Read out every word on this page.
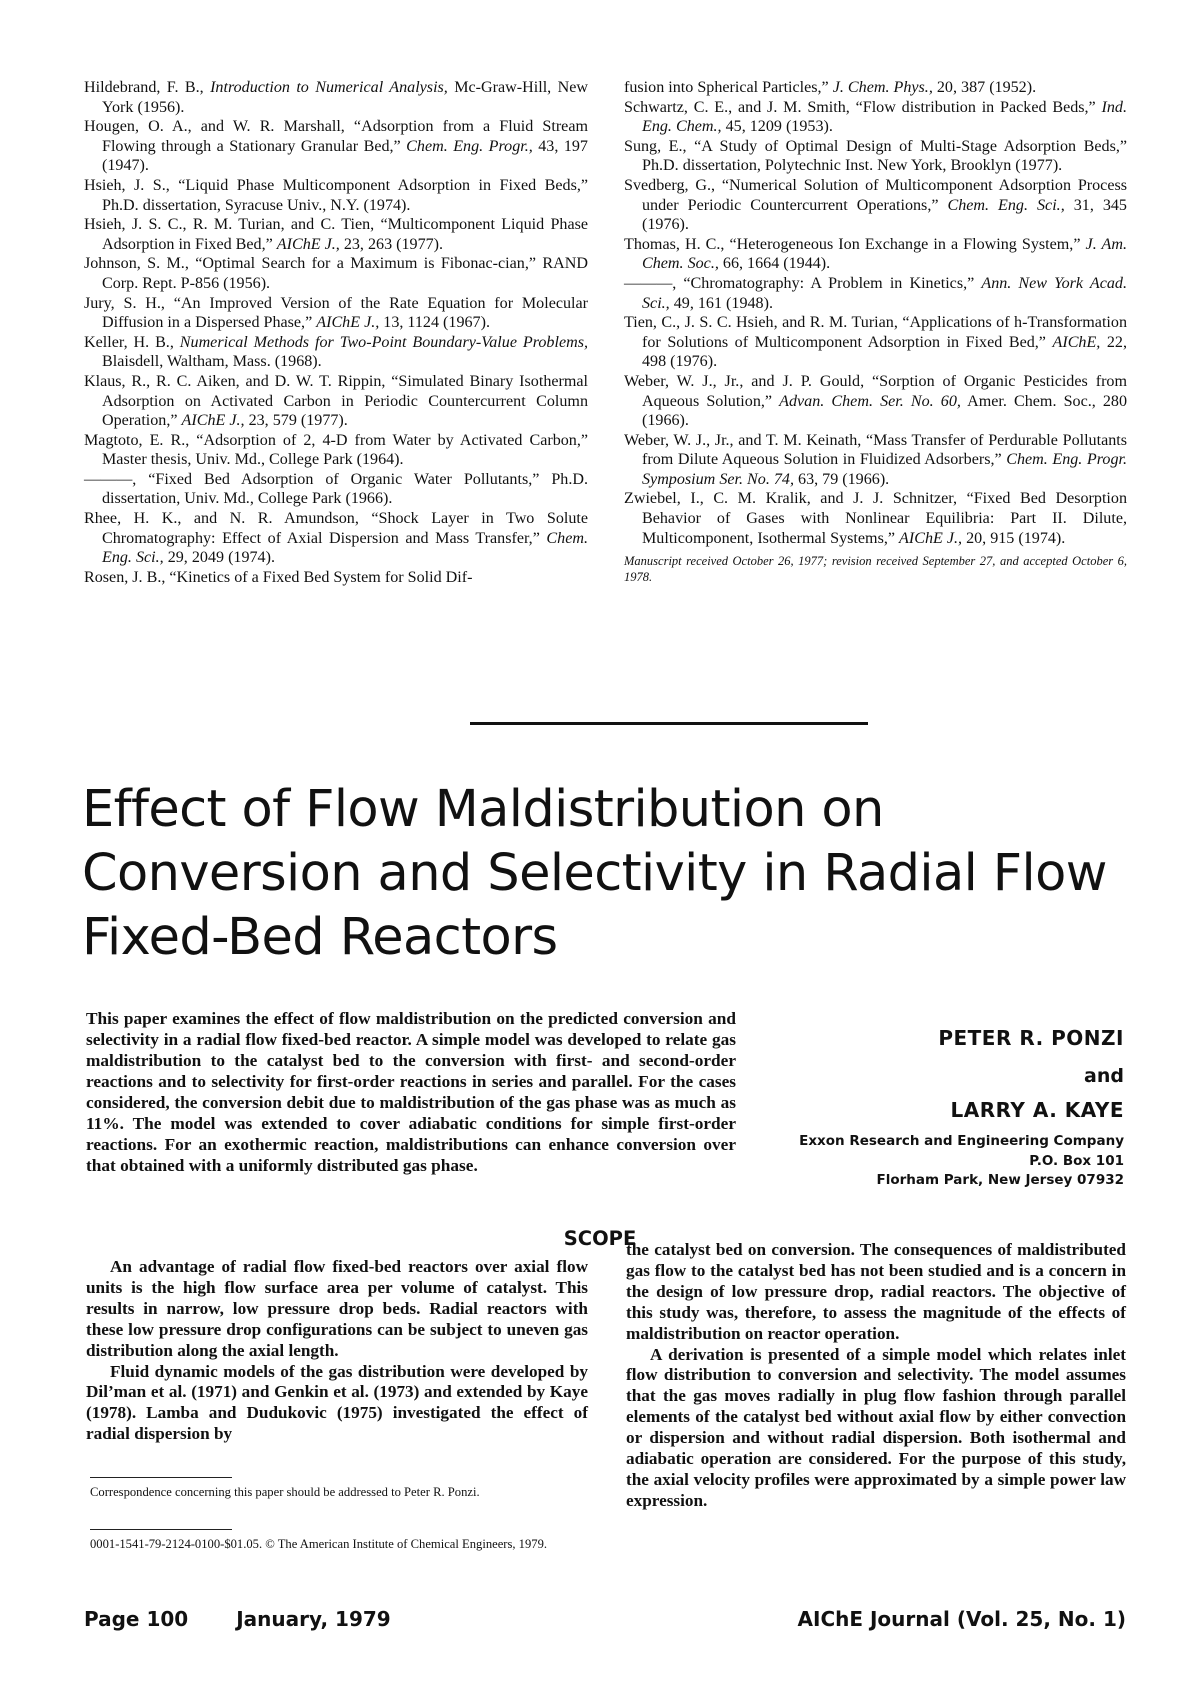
Hildebrand, F. B., Introduction to Numerical Analysis, Mc-Graw-Hill, New York (1956).

Hougen, O. A., and W. R. Marshall, “Adsorption from a Fluid Stream Flowing through a Stationary Granular Bed,” Chem. Eng. Progr., 43, 197 (1947).

Hsieh, J. S., “Liquid Phase Multicomponent Adsorption in Fixed Beds,” Ph.D. dissertation, Syracuse Univ., N.Y. (1974).

Hsieh, J. S. C., R. M. Turian, and C. Tien, “Multicomponent Liquid Phase Adsorption in Fixed Bed,” AIChE J., 23, 263 (1977).

Johnson, S. M., “Optimal Search for a Maximum is Fibonac-cian,” RAND Corp. Rept. P-856 (1956).

Jury, S. H., “An Improved Version of the Rate Equation for Molecular Diffusion in a Dispersed Phase,” AIChE J., 13, 1124 (1967).

Keller, H. B., Numerical Methods for Two-Point Boundary-Value Problems, Blaisdell, Waltham, Mass. (1968).

Klaus, R., R. C. Aiken, and D. W. T. Rippin, “Simulated Binary Isothermal Adsorption on Activated Carbon in Periodic Countercurrent Column Operation,” AIChE J., 23, 579 (1977).

Magtoto, E. R., “Adsorption of 2, 4-D from Water by Activated Carbon,” Master thesis, Univ. Md., College Park (1964).

———, “Fixed Bed Adsorption of Organic Water Pollutants,” Ph.D. dissertation, Univ. Md., College Park (1966).

Rhee, H. K., and N. R. Amundson, “Shock Layer in Two Solute Chromatography: Effect of Axial Dispersion and Mass Transfer,” Chem. Eng. Sci., 29, 2049 (1974).

Rosen, J. B., “Kinetics of a Fixed Bed System for Solid Dif-

fusion into Spherical Particles,” J. Chem. Phys., 20, 387 (1952).

Schwartz, C. E., and J. M. Smith, “Flow distribution in Packed Beds,” Ind. Eng. Chem., 45, 1209 (1953).

Sung, E., “A Study of Optimal Design of Multi-Stage Adsorption Beds,” Ph.D. dissertation, Polytechnic Inst. New York, Brooklyn (1977).

Svedberg, G., “Numerical Solution of Multicomponent Adsorption Process under Periodic Countercurrent Operations,” Chem. Eng. Sci., 31, 345 (1976).

Thomas, H. C., “Heterogeneous Ion Exchange in a Flowing System,” J. Am. Chem. Soc., 66, 1664 (1944).

———, “Chromatography: A Problem in Kinetics,” Ann. New York Acad. Sci., 49, 161 (1948).

Tien, C., J. S. C. Hsieh, and R. M. Turian, “Applications of h-Transformation for Solutions of Multicomponent Adsorption in Fixed Bed,” AIChE, 22, 498 (1976).

Weber, W. J., Jr., and J. P. Gould, “Sorption of Organic Pesticides from Aqueous Solution,” Advan. Chem. Ser. No. 60, Amer. Chem. Soc., 280 (1966).

Weber, W. J., Jr., and T. M. Keinath, “Mass Transfer of Perdurable Pollutants from Dilute Aqueous Solution in Fluidized Adsorbers,” Chem. Eng. Progr. Symposium Ser. No. 74, 63, 79 (1966).

Zwiebel, I., C. M. Kralik, and J. J. Schnitzer, “Fixed Bed Desorption Behavior of Gases with Nonlinear Equilibria: Part II. Dilute, Multicomponent, Isothermal Systems,” AIChE J., 20, 915 (1974).

Manuscript received October 26, 1977; revision received September 27, and accepted October 6, 1978.

Effect of Flow Maldistribution on Conversion and Selectivity in Radial Flow Fixed-Bed Reactors

This paper examines the effect of flow maldistribution on the predicted conversion and selectivity in a radial flow fixed-bed reactor. A simple model was developed to relate gas maldistribution to the catalyst bed to the conversion with first- and second-order reactions and to selectivity for first-order reactions in series and parallel. For the cases considered, the conversion debit due to maldistribution of the gas phase was as much as 11%. The model was extended to cover adiabatic conditions for simple first-order reactions. For an exothermic reaction, maldistributions can enhance conversion over that obtained with a uniformly distributed gas phase.

PETER R. PONZI

and

LARRY A. KAYE

Exxon Research and Engineering Company
P.O. Box 101
Florham Park, New Jersey 07932

SCOPE

An advantage of radial flow fixed-bed reactors over axial flow units is the high flow surface area per volume of catalyst. This results in narrow, low pressure drop beds. Radial reactors with these low pressure drop configurations can be subject to uneven gas distribution along the axial length.

Fluid dynamic models of the gas distribution were developed by Dil’man et al. (1971) and Genkin et al. (1973) and extended by Kaye (1978). Lamba and Dudukovic (1975) investigated the effect of radial dispersion by

the catalyst bed on conversion. The consequences of maldistributed gas flow to the catalyst bed has not been studied and is a concern in the design of low pressure drop, radial reactors. The objective of this study was, therefore, to assess the magnitude of the effects of maldistribution on reactor operation.

A derivation is presented of a simple model which relates inlet flow distribution to conversion and selectivity. The model assumes that the gas moves radially in plug flow fashion through parallel elements of the catalyst bed without axial flow by either convection or dispersion and without radial dispersion. Both isothermal and adiabatic operation are considered. For the purpose of this study, the axial velocity profiles were approximated by a simple power law expression.

Correspondence concerning this paper should be addressed to Peter R. Ponzi.

0001-1541-79-2124-0100-$01.05. © The American Institute of Chemical Engineers, 1979.

Page 100 January, 1979	AIChE Journal (Vol. 25, No. 1)
